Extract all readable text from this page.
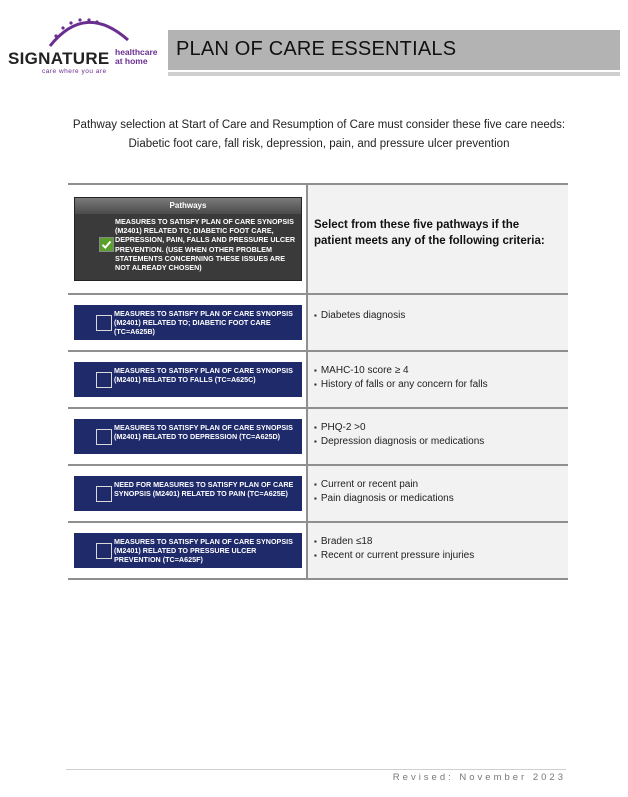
SIGNATURE healthcare
at home
care where you are
PLAN OF CARE ESSENTIALS
Pathway selection at Start of Care and Resumption of Care must consider these five care needs: Diabetic foot care, fall risk, depression, pain, and pressure ulcer prevention
Pathways
MEASURES TO SATISFY PLAN OF CARE SYNOPSIS (M2401) RELATED TO; DIABETIC FOOT CARE, DEPRESSION, PAIN, FALLS AND PRESSURE ULCER PREVENTION. (USE WHEN OTHER PROBLEM STATEMENTS CONCERNING THESE ISSUES ARE NOT ALREADY CHOSEN)
Select from these five pathways if the patient meets any of the following criteria:
MEASURES TO SATISFY PLAN OF CARE SYNOPSIS (M2401) RELATED TO; DIABETIC FOOT CARE (TC=A625B)
▪ Diabetes diagnosis
MEASURES TO SATISFY PLAN OF CARE SYNOPSIS (M2401) RELATED TO FALLS (TC=A625C)
▪ MAHC-10 score ≥ 4
▪ History of falls or any concern for falls
MEASURES TO SATISFY PLAN OF CARE SYNOPSIS (M2401) RELATED TO DEPRESSION (TC=A625D)
▪ PHQ-2 >0
▪ Depression diagnosis or medications
NEED FOR MEASURES TO SATISFY PLAN OF CARE SYNOPSIS (M2401) RELATED TO PAIN (TC=A625E)
▪ Current or recent pain
▪ Pain diagnosis or medications
MEASURES TO SATISFY PLAN OF CARE SYNOPSIS (M2401) RELATED TO PRESSURE ULCER PREVENTION (TC=A625F)
▪ Braden ≤18
▪ Recent or current pressure injuries
Revised: November 2023
